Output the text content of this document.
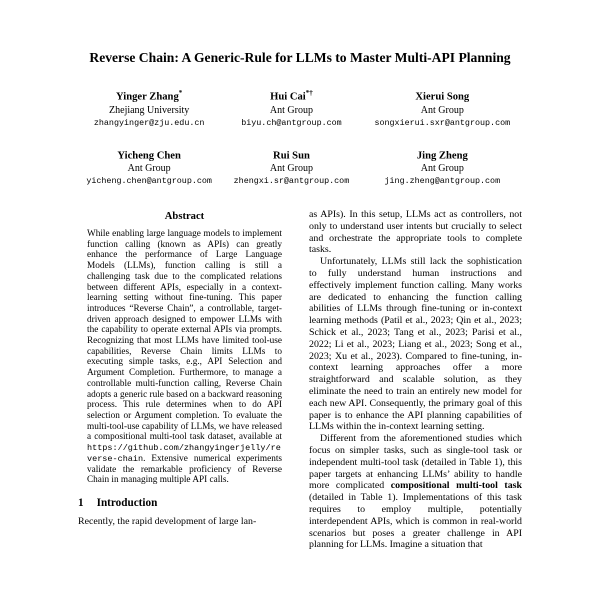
Reverse Chain: A Generic-Rule for LLMs to Master Multi-API Planning
Yinger Zhang*
Zhejiang University
zhangyinger@zju.edu.cn
Hui Cai*†
Ant Group
biyu.ch@antgroup.com
Xierui Song
Ant Group
songxierui.sxr@antgroup.com
Yicheng Chen
Ant Group
yicheng.chen@antgroup.com
Rui Sun
Ant Group
zhengxi.sr@antgroup.com
Jing Zheng
Ant Group
jing.zheng@antgroup.com
Abstract

While enabling large language models to implement function calling (known as APIs) can greatly enhance the performance of Large Language Models (LLMs), function calling is still a challenging task due to the complicated relations between different APIs, especially in a context-learning setting without fine-tuning. This paper introduces “Reverse Chain”, a controllable, target-driven approach designed to empower LLMs with the capability to operate external APIs via prompts. Recognizing that most LLMs have limited tool-use capabilities, Reverse Chain limits LLMs to executing simple tasks, e.g., API Selection and Argument Completion. Furthermore, to manage a controllable multi-function calling, Reverse Chain adopts a generic rule based on a backward reasoning process. This rule determines when to do API selection or Argument completion. To evaluate the multi-tool-use capability of LLMs, we have released a compositional multi-tool task dataset, available at https://github.com/zhangyingerjelly/reverse-chain. Extensive numerical experiments validate the remarkable proficiency of Reverse Chain in managing multiple API calls.

1 Introduction

Recently, the rapid development of large lan-

as APIs). In this setup, LLMs act as controllers, not only to understand user intents but crucially to select and orchestrate the appropriate tools to complete tasks.

Unfortunately, LLMs still lack the sophistication to fully understand human instructions and effectively implement function calling. Many works are dedicated to enhancing the function calling abilities of LLMs through fine-tuning or in-context learning methods (Patil et al., 2023; Qin et al., 2023; Schick et al., 2023; Tang et al., 2023; Parisi et al., 2022; Li et al., 2023; Liang et al., 2023; Song et al., 2023; Xu et al., 2023). Compared to fine-tuning, in-context learning approaches offer a more straightforward and scalable solution, as they eliminate the need to train an entirely new model for each new API. Consequently, the primary goal of this paper is to enhance the API planning capabilities of LLMs within the in-context learning setting.

Different from the aforementioned studies which focus on simpler tasks, such as single-tool task or independent multi-tool task (detailed in Table 1), this paper targets at enhancing LLMs’ ability to handle more complicated compositional multi-tool task (detailed in Table 1). Implementations of this task requires to employ multiple, potentially interdependent APIs, which is common in real-world scenarios but poses a greater challenge in API planning for LLMs. Imagine a situation that
